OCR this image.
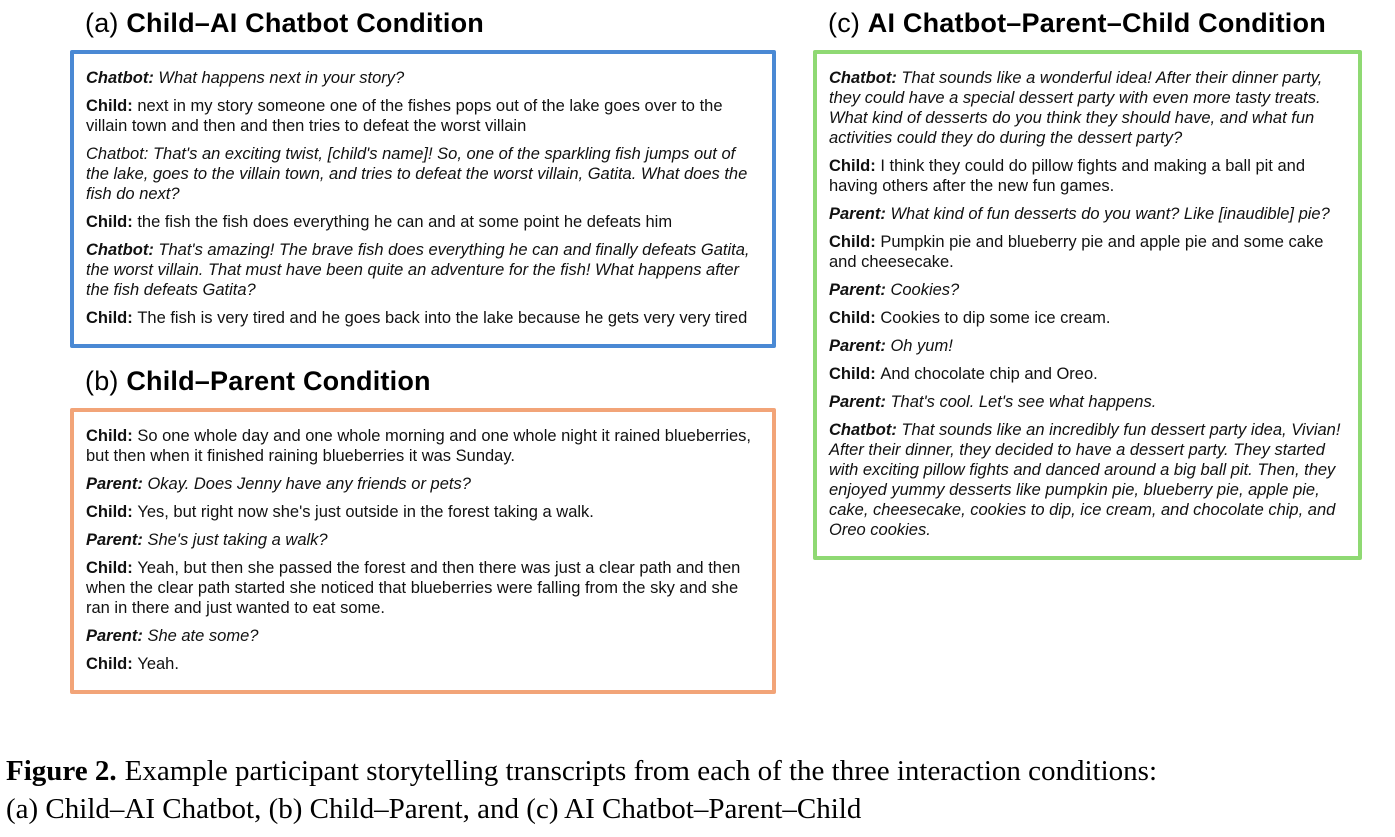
(a) Child–AI Chatbot Condition

Chatbot: What happens next in your story?

Child: next in my story someone one of the fishes pops out of the lake goes over to the villain town and then and then tries to defeat the worst villain

Chatbot: That's an exciting twist, [child's name]! So, one of the sparkling fish jumps out of the lake, goes to the villain town, and tries to defeat the worst villain, Gatita. What does the fish do next?

Child: the fish the fish does everything he can and at some point he defeats him

Chatbot: That's amazing! The brave fish does everything he can and finally defeats Gatita, the worst villain. That must have been quite an adventure for the fish! What happens after the fish defeats Gatita?

Child: The fish is very tired and he goes back into the lake because he gets very very tired

(b) Child–Parent Condition

Child: So one whole day and one whole morning and one whole night it rained blueberries, but then when it finished raining blueberries it was Sunday.

Parent: Okay. Does Jenny have any friends or pets?

Child: Yes, but right now she's just outside in the forest taking a walk.

Parent: She's just taking a walk?

Child: Yeah, but then she passed the forest and then there was just a clear path and then when the clear path started she noticed that blueberries were falling from the sky and she ran in there and just wanted to eat some.

Parent: She ate some?

Child: Yeah.

(c) AI Chatbot–Parent–Child Condition

Chatbot: That sounds like a wonderful idea! After their dinner party, they could have a special dessert party with even more tasty treats. What kind of desserts do you think they should have, and what fun activities could they do during the dessert party?

Child: I think they could do pillow fights and making a ball pit and having others after the new fun games.

Parent: What kind of fun desserts do you want? Like [inaudible] pie?

Child: Pumpkin pie and blueberry pie and apple pie and some cake and cheesecake.

Parent: Cookies?

Child: Cookies to dip some ice cream.

Parent: Oh yum!

Child: And chocolate chip and Oreo.

Parent: That's cool. Let's see what happens.

Chatbot: That sounds like an incredibly fun dessert party idea, Vivian! After their dinner, they decided to have a dessert party. They started with exciting pillow fights and danced around a big ball pit. Then, they enjoyed yummy desserts like pumpkin pie, blueberry pie, apple pie, cake, cheesecake, cookies to dip, ice cream, and chocolate chip, and Oreo cookies.

Figure 2. Example participant storytelling transcripts from each of the three interaction conditions: (a) Child–AI Chatbot, (b) Child–Parent, and (c) AI Chatbot–Parent–Child
